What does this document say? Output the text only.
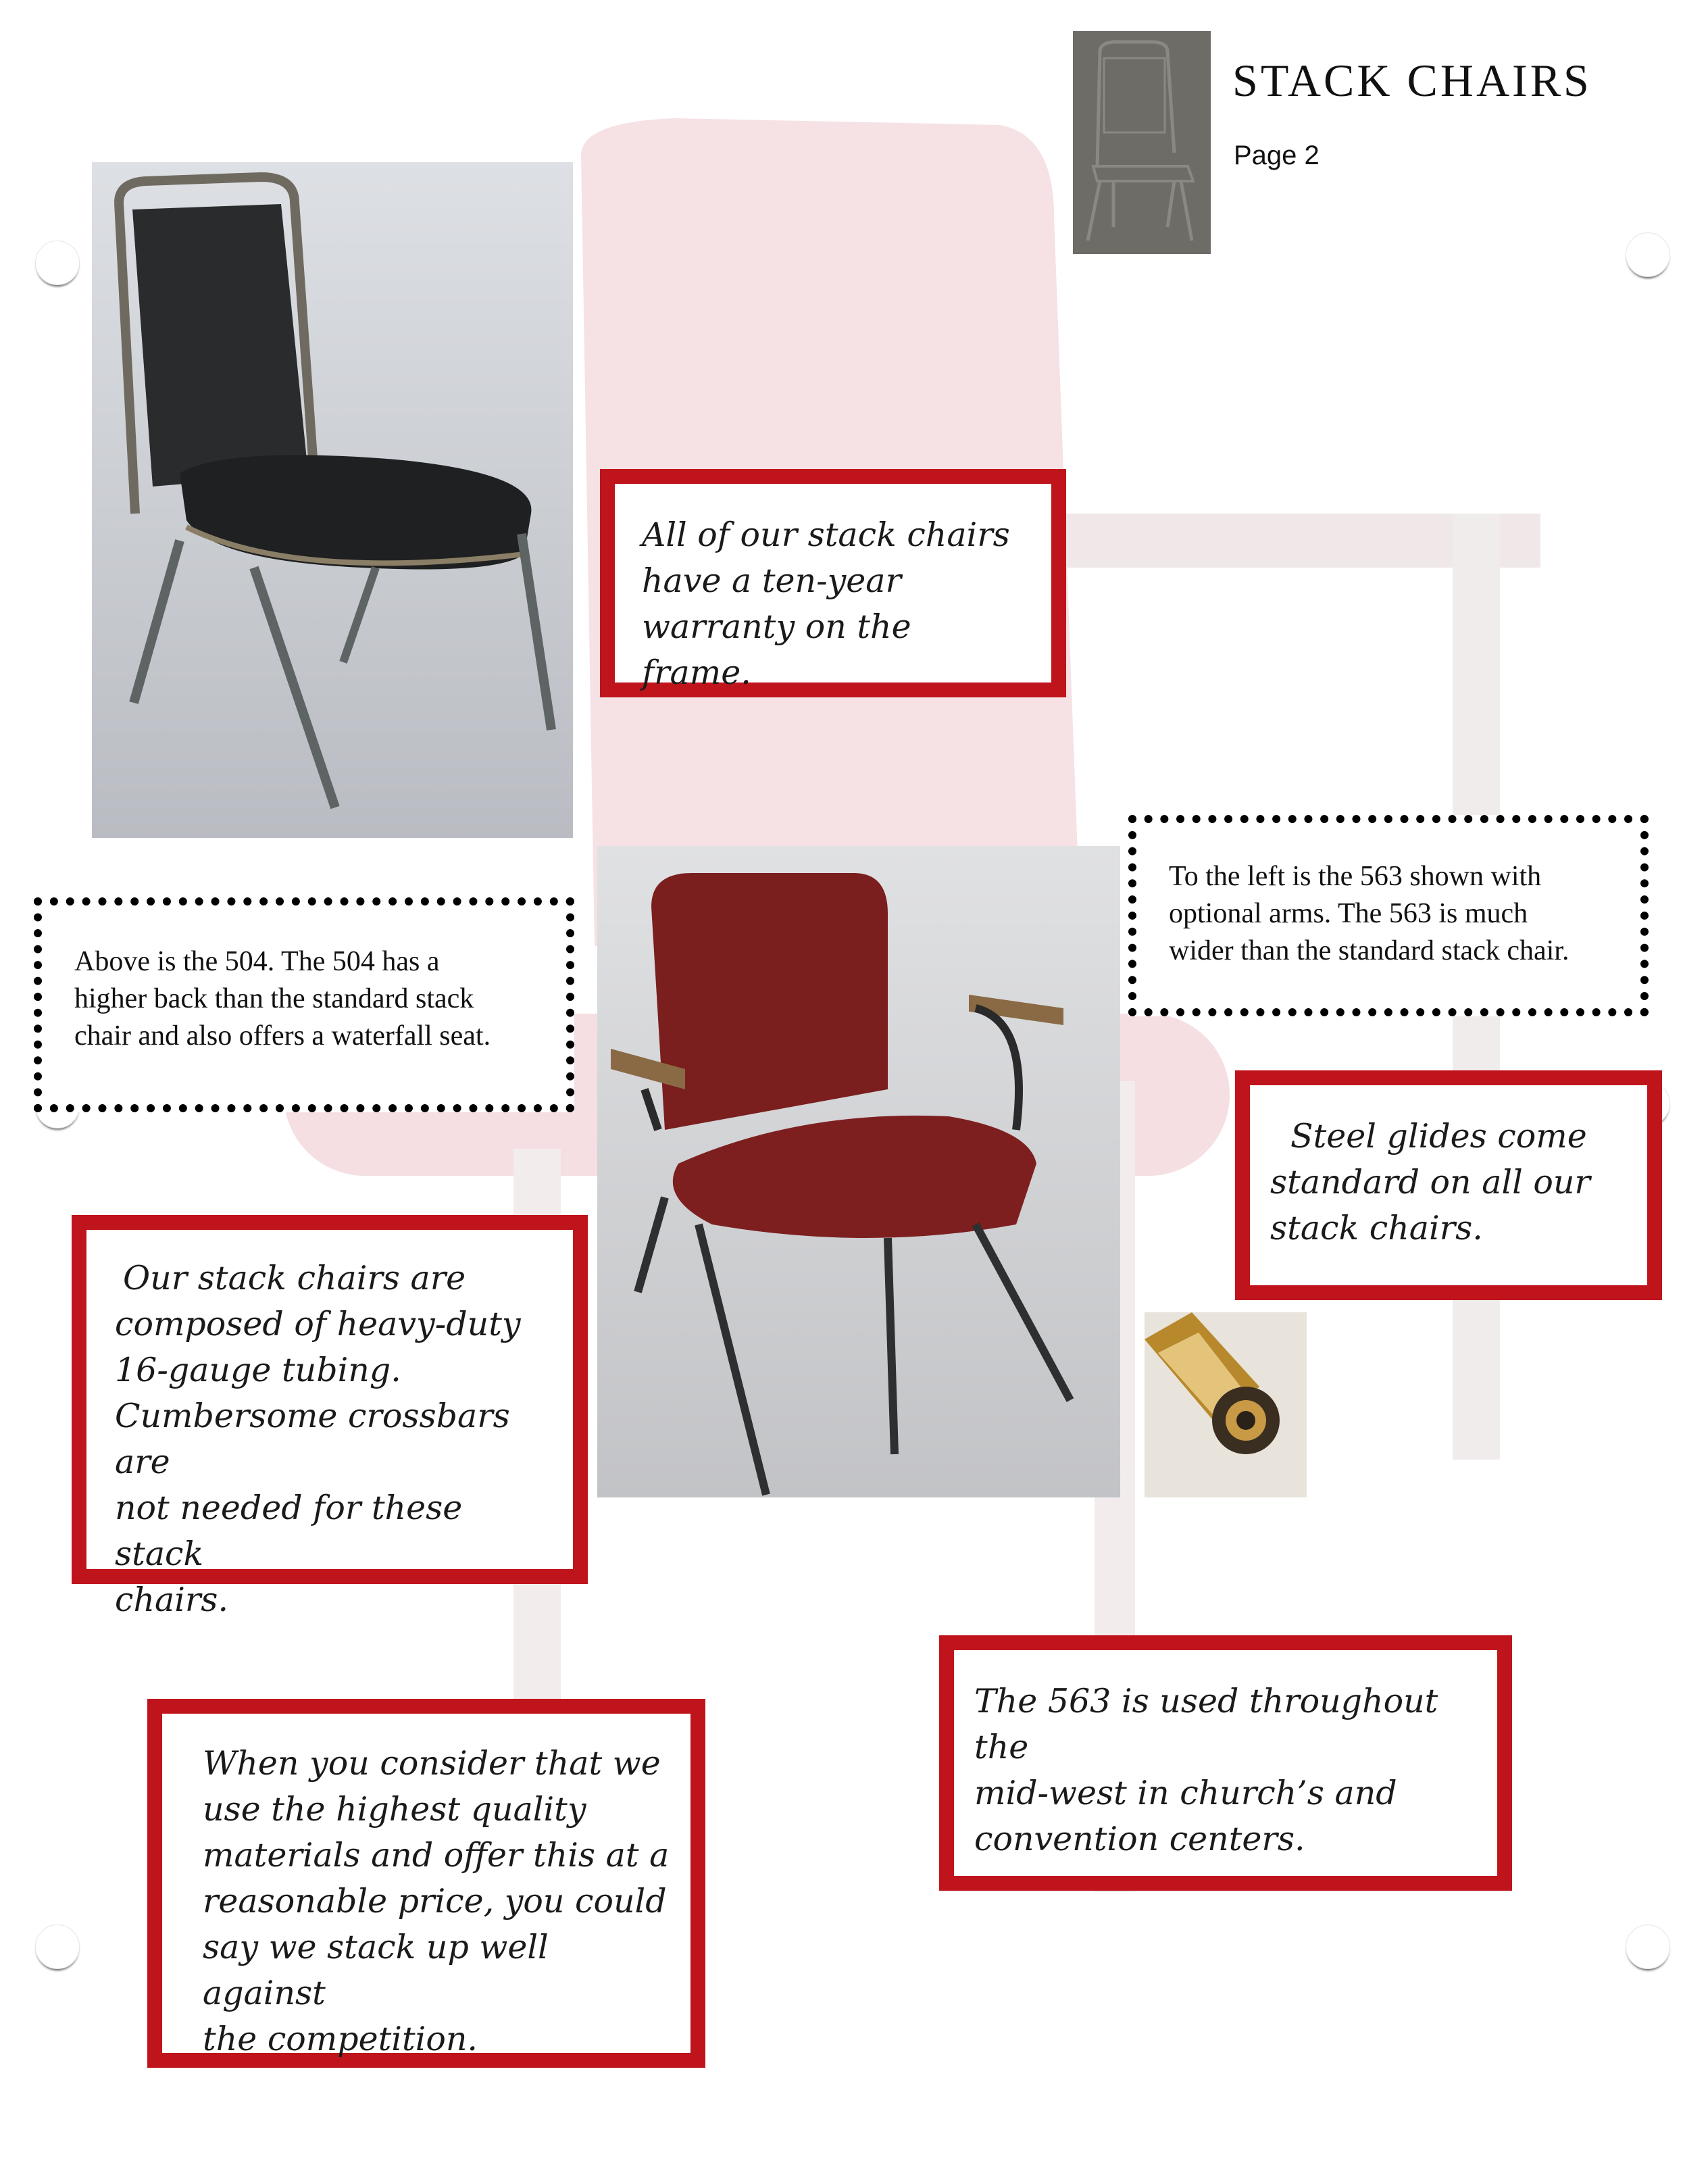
STACK CHAIRS
Page 2
All of our stack chairs
have a ten-year
warranty on the frame.
Steel glides come
standard on all our
stack chairs.
Our stack chairs are
composed of heavy-duty
16-gauge tubing.
Cumbersome crossbars are
not needed for these stack
chairs.
The 563 is used throughout the
mid-west in church’s and
convention centers.
When you consider that we
use the highest quality
materials and offer this at a
reasonable price, you could
say we stack up well against
the competition.
Above is the 504. The 504 has a
higher back than the standard stack
chair and also offers a waterfall seat.
To the left is the 563 shown with
optional arms. The 563 is much
wider than the standard stack chair.
